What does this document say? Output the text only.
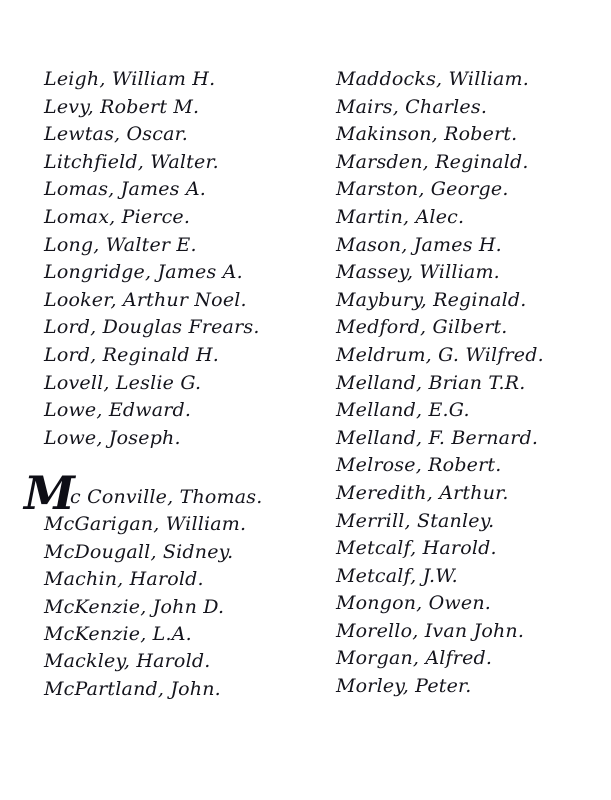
Leigh, William H.
Levy, Robert M.
Lewtas, Oscar.
Litchfield, Walter.
Lomas, James A.
Lomax, Pierce.
Long, Walter E.
Longridge, James A.
Looker, Arthur Noel.
Lord, Douglas Frears.
Lord, Reginald H.
Lovell, Leslie G.
Lowe, Edward.
Lowe, Joseph.
M
c Conville, Thomas.
McGarigan, William.
McDougall, Sidney.
Machin, Harold.
McKenzie, John D.
McKenzie, L.A.
Mackley, Harold.
McPartland, John.
Maddocks, William.
Mairs, Charles.
Makinson, Robert.
Marsden, Reginald.
Marston, George.
Martin, Alec.
Mason, James H.
Massey, William.
Maybury, Reginald.
Medford, Gilbert.
Meldrum, G. Wilfred.
Melland, Brian T.R.
Melland, E.G.
Melland, F. Bernard.
Melrose, Robert.
Meredith, Arthur.
Merrill, Stanley.
Metcalf, Harold.
Metcalf, J.W.
Mongon, Owen.
Morello, Ivan John.
Morgan, Alfred.
Morley, Peter.
